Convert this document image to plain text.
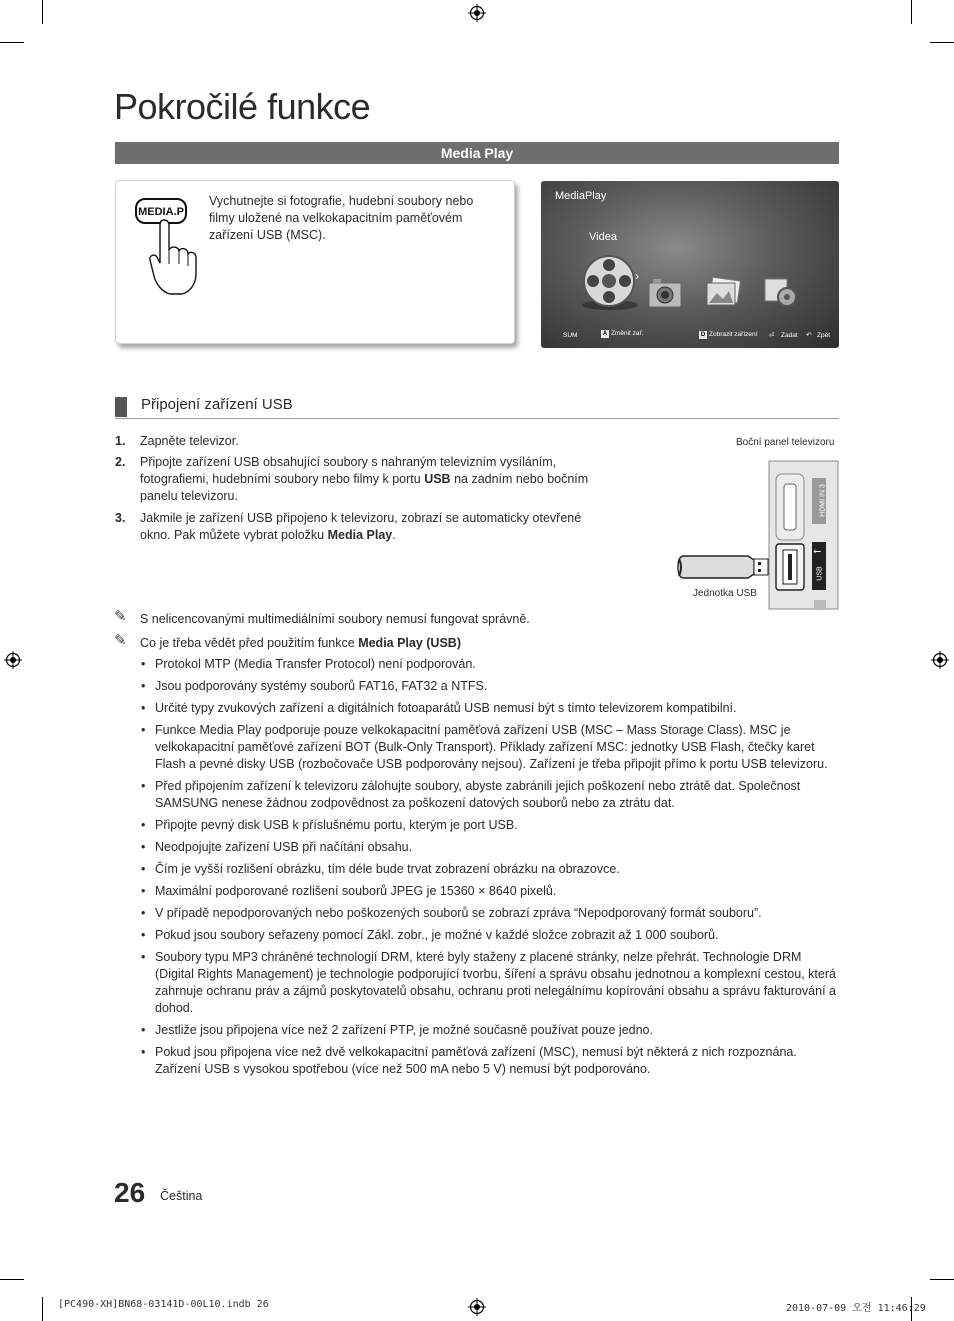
Pokročilé funkce
Media Play
MEDIA.P
Vychutnejte si fotografie, hudební soubory nebo filmy uložené na velkokapacitním paměťovém zařízení USB (MSC).
MediaPlay
Videa
›
SUM	A Změnit zař.	D Zobrazit zařízení ⏎ Zadat ↶ Zpět
Připojení zařízení USB
1. Zapněte televizor.
2. Připojte zařízení USB obsahující soubory s nahraným televizním vysíláním, fotografiemi, hudebními soubory nebo filmy k portu USB na zadním nebo bočním panelu televizoru.
3. Jakmile je zařízení USB připojeno k televizoru, zobrazí se automaticky otevřené okno. Pak můžete vybrat položku Media Play.
Boční panel televizoru
HDMI IN 3
USB
⭠
Jednotka USB
✎ S nelicencovanými multimediálními soubory nemusí fungovat správně.
✎ Co je třeba vědět před použitím funkce Media Play (USB)
• Protokol MTP (Media Transfer Protocol) není podporován.
• Jsou podporovány systémy souborů FAT16, FAT32 a NTFS.
• Určité typy zvukových zařízení a digitálních fotoaparátů USB nemusí být s tímto televizorem kompatibilní.
• Funkce Media Play podporuje pouze velkokapacitní paměťová zařízení USB (MSC – Mass Storage Class). MSC je velkokapacitní paměťové zařízení BOT (Bulk-Only Transport). Příklady zařízení MSC: jednotky USB Flash, čtečky karet Flash a pevné disky USB (rozbočovače USB podporovány nejsou). Zařízení je třeba připojit přímo k portu USB televizoru.
• Před připojením zařízení k televizoru zálohujte soubory, abyste zabránili jejich poškození nebo ztrátě dat. Společnost SAMSUNG nenese žádnou zodpovědnost za poškození datových souborů nebo za ztrátu dat.
• Připojte pevný disk USB k příslušnému portu, kterým je port USB.
• Neodpojujte zařízení USB při načítání obsahu.
• Čím je vyšší rozlišení obrázku, tím déle bude trvat zobrazení obrázku na obrazovce.
• Maximální podporované rozlišení souborů JPEG je 15360 × 8640 pixelů.
• V případě nepodporovaných nebo poškozených souborů se zobrazí zpráva “Nepodporovaný formát souboru”.
• Pokud jsou soubory seřazeny pomocí Zákl. zobr., je možné v každé složce zobrazit až 1 000 souborů.
• Soubory typu MP3 chráněné technologií DRM, které byly staženy z placené stránky, nelze přehrát. Technologie DRM (Digital Rights Management) je technologie podporující tvorbu, šíření a správu obsahu jednotnou a komplexní cestou, která zahrnuje ochranu práv a zájmů poskytovatelů obsahu, ochranu proti nelegálnímu kopírování obsahu a správu fakturování a dohod.
• Jestliže jsou připojena více než 2 zařízení PTP, je možné současně používat pouze jedno.
• Pokud jsou připojena více než dvě velkokapacitní paměťová zařízení (MSC), nemusí být některá z nich rozpoznána. Zařízení USB s vysokou spotřebou (více než 500 mA nebo 5 V) nemusí být podporováno.
26 Čeština
[PC490-XH]BN68-03141D-00L10.indb 26	2010-07-09 오전 11:46:29
